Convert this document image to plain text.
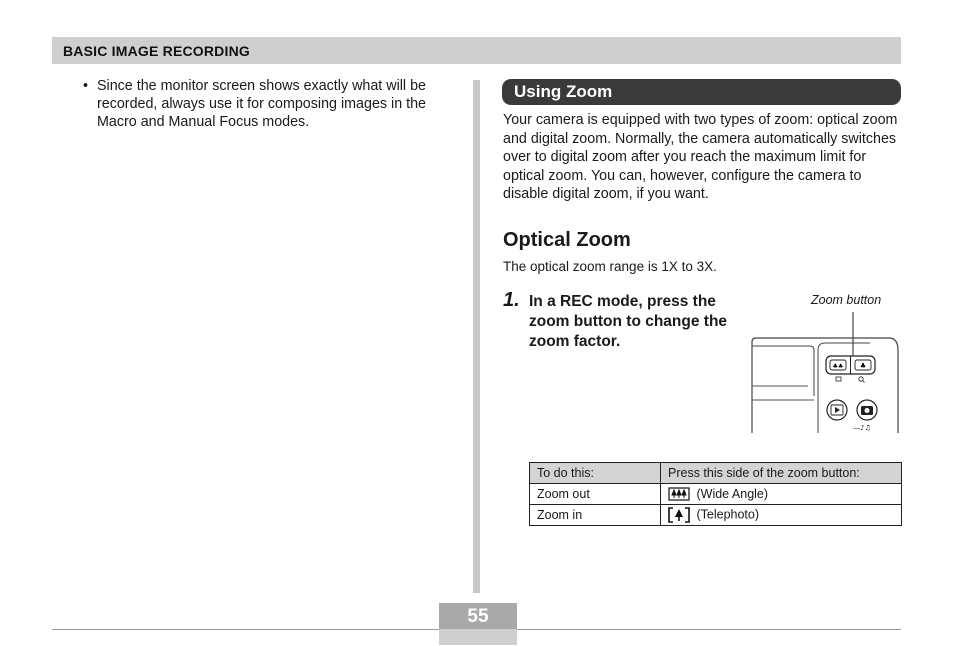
BASIC IMAGE RECORDING
• Since the monitor screen shows exactly what will be recorded, always use it for composing images in the Macro and Manual Focus modes.
Using Zoom
Your camera is equipped with two types of zoom: optical zoom and digital zoom. Normally, the camera automatically switches over to digital zoom after you reach the maximum limit for optical zoom. You can, however, configure the camera to disable digital zoom, if you want.
Optical Zoom
The optical zoom range is 1X to 3X.
1. In a REC mode, press the zoom button to change the zoom factor.
Zoom button
♣♣ ♣
—♪♫
To do this:	Press this side of the zoom button:
Zoom out	(Wide Angle)
Zoom in	(Telephoto)
55
